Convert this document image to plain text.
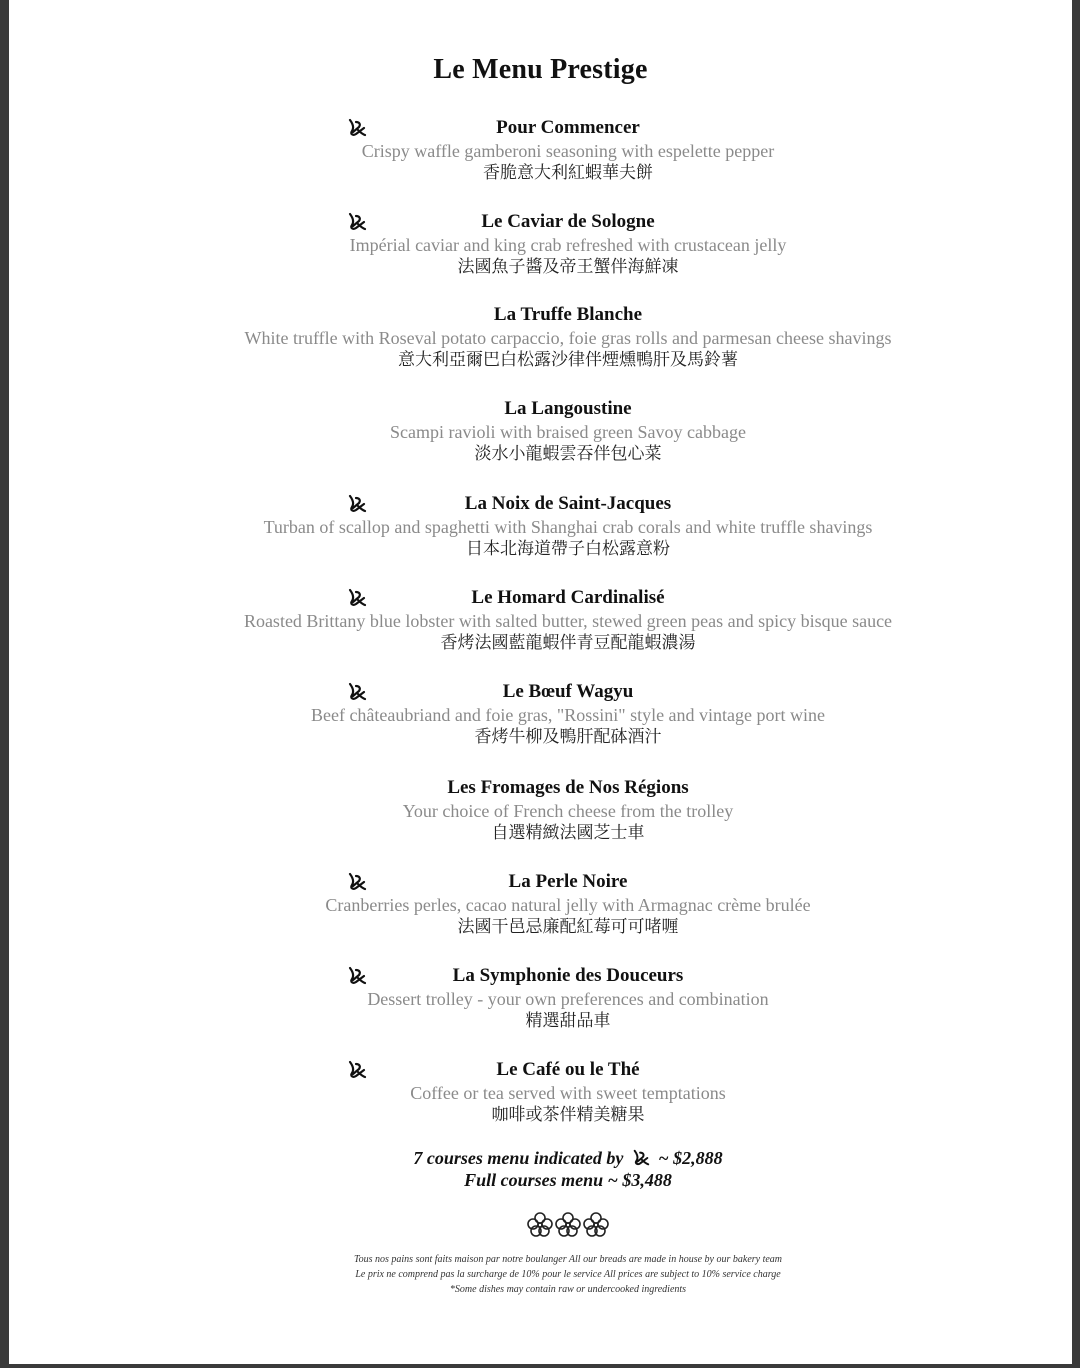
Le Menu Prestige
Pour Commencer
Crispy waffle gamberoni seasoning with espelette pepper
香脆意大利紅蝦華夫餅
Le Caviar de Sologne
Impérial caviar and king crab refreshed with crustacean jelly
法國魚子醬及帝王蟹伴海鮮凍
La Truffe Blanche
White truffle with Roseval potato carpaccio, foie gras rolls and parmesan cheese shavings
意大利亞爾巴白松露沙律伴煙燻鴨肝及馬鈴薯
La Langoustine
Scampi ravioli with braised green Savoy cabbage
淡水小龍蝦雲吞伴包心菜
La Noix de Saint-Jacques
Turban of scallop and spaghetti with Shanghai crab corals and white truffle shavings
日本北海道帶子白松露意粉
Le Homard Cardinalisé
Roasted Brittany blue lobster with salted butter, stewed green peas and spicy bisque sauce
香烤法國藍龍蝦伴青豆配龍蝦濃湯
Le Bœuf Wagyu
Beef châteaubriand and foie gras, "Rossini" style and vintage port wine
香烤牛柳及鴨肝配砵酒汁
Les Fromages de Nos Régions
Your choice of French cheese from the trolley
自選精緻法國芝士車
La Perle Noire
Cranberries perles, cacao natural jelly with Armagnac crème brulée
法國干邑忌廉配紅莓可可啫喱
La Symphonie des Douceurs
Dessert trolley - your own preferences and combination
精選甜品車
Le Café ou le Thé
Coffee or tea served with sweet temptations
咖啡或茶伴精美糖果
7 courses menu indicated by ~ $2,888
Full courses menu ~ $3,488
Tous nos pains sont faits maison par notre boulanger All our breads are made in house by our bakery team
Le prix ne comprend pas la surcharge de 10% pour le service All prices are subject to 10% service charge
*Some dishes may contain raw or undercooked ingredients
